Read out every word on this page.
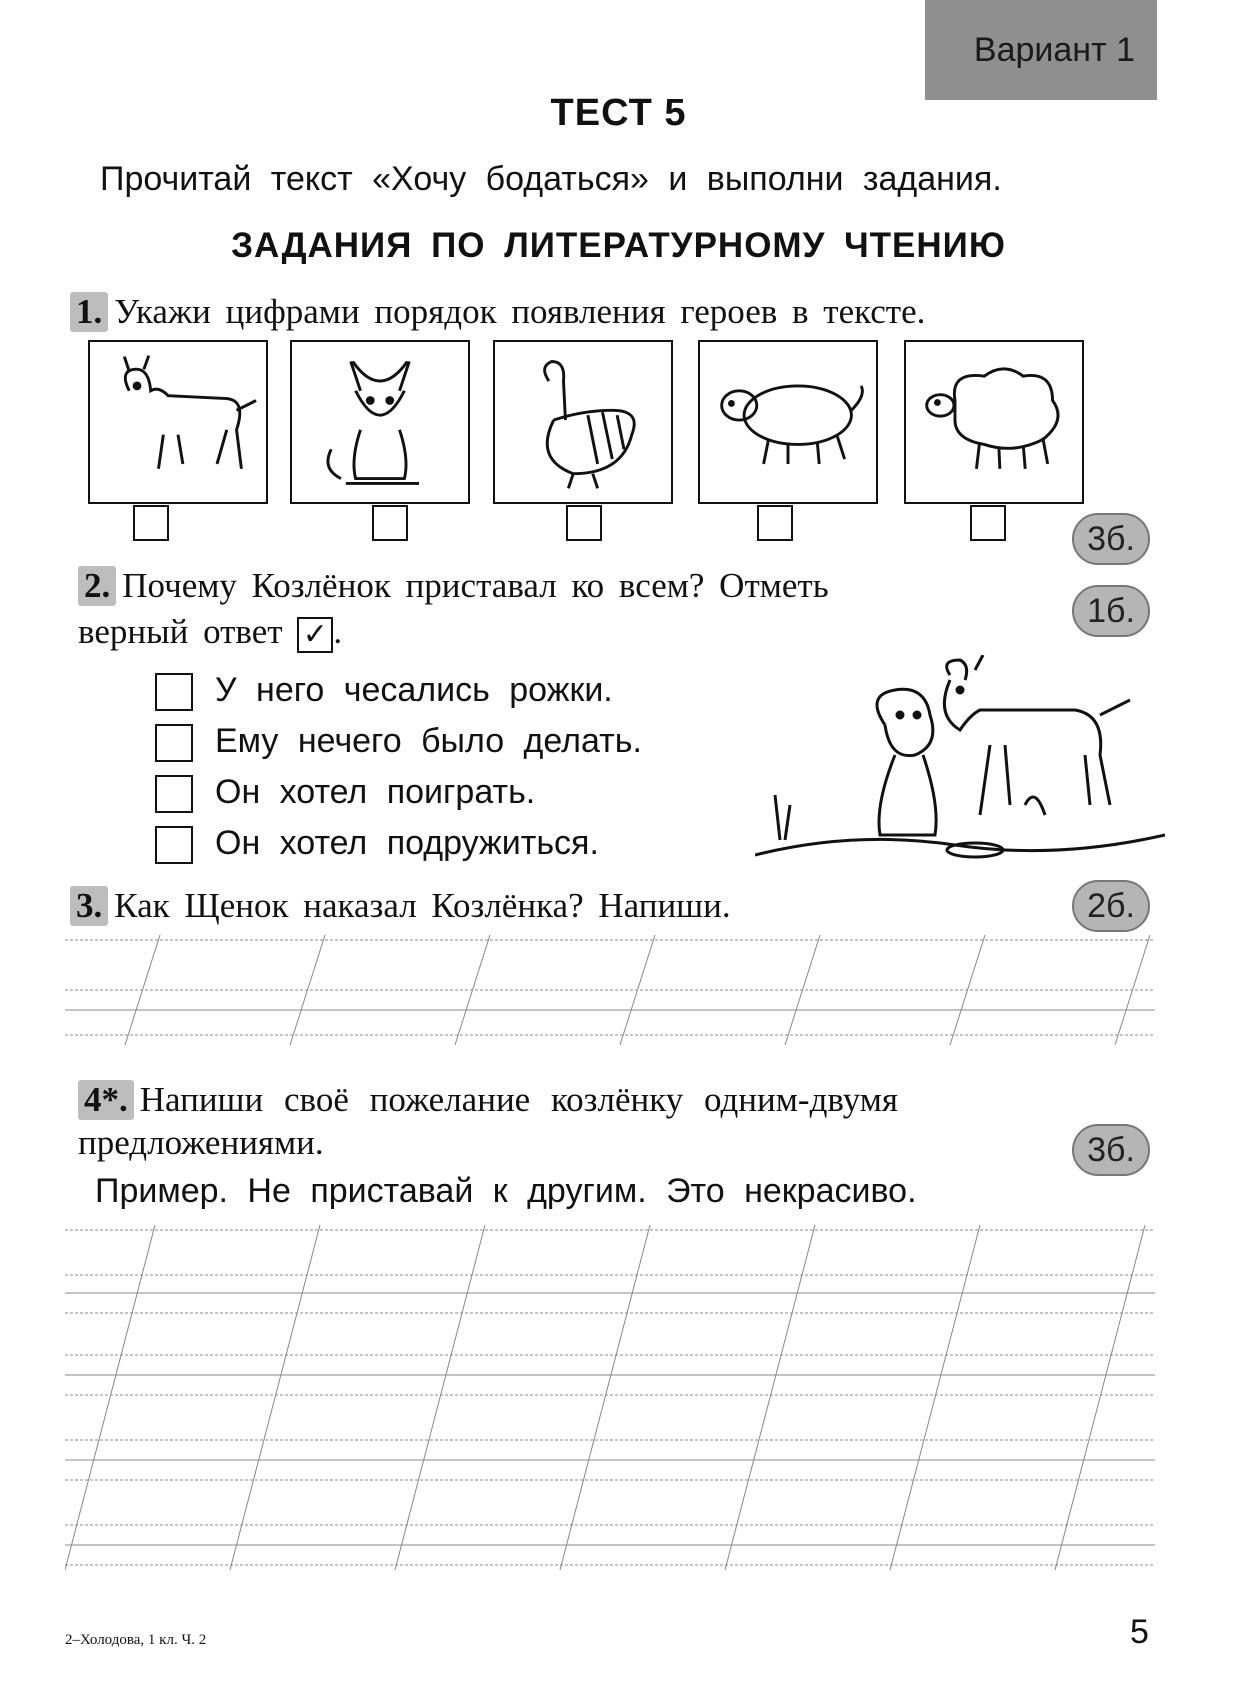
Вариант 1
ТЕСТ 5
Прочитай текст «Хочу бодаться» и выполни задания.
ЗАДАНИЯ ПО ЛИТЕРАТУРНОМУ ЧТЕНИЮ
1. Укажи цифрами порядок появления героев в тексте.
3б.
2. Почему Козлёнок приставал ко всем? Отметь
верный ответ ✓ .
1б.
У него чесались рожки.
Ему нечего было делать.
Он хотел поиграть.
Он хотел подружиться.
3. Как Щенок наказал Козлёнка? Напиши.	2б.
4*. Напиши своё пожелание козлёнку одним-двумя
предложениями.	3б.
Пример. Не приставай к другим. Это некрасиво.
2–Холодова, 1 кл. Ч. 2	5
